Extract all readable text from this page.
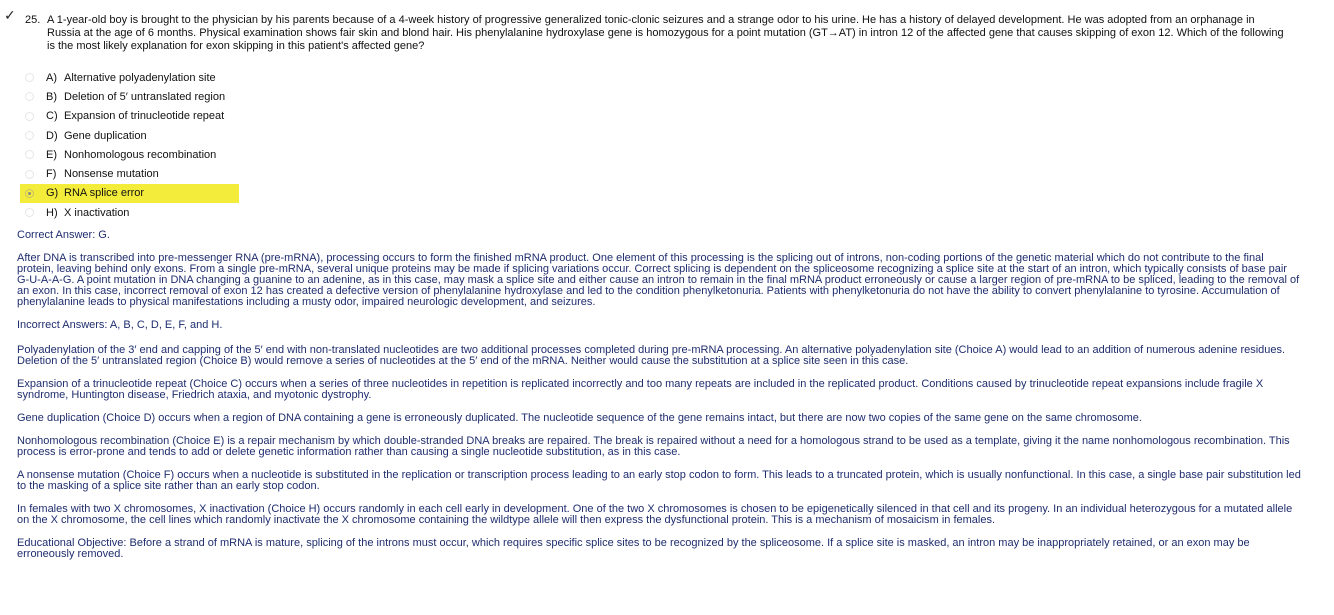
✓ 25. A 1-year-old boy is brought to the physician by his parents because of a 4-week history of progressive generalized tonic-clonic seizures and a strange odor to his urine. He has a history of delayed development. He was adopted from an orphanage in
Russia at the age of 6 months. Physical examination shows fair skin and blond hair. His phenylalanine hydroxylase gene is homozygous for a point mutation (GT→AT) in intron 12 of the affected gene that causes skipping of exon 12. Which of the following
is the most likely explanation for exon skipping in this patient's affected gene?
A) Alternative polyadenylation site
B) Deletion of 5′ untranslated region
C) Expansion of trinucleotide repeat
D) Gene duplication
E) Nonhomologous recombination
F) Nonsense mutation
G) RNA splice error
H) X inactivation

Correct Answer: G.

After DNA is transcribed into pre-messenger RNA (pre-mRNA), processing occurs to form the finished mRNA product. One element of this processing is the splicing out of introns, non-coding portions of the genetic material which do not contribute to the final

protein, leaving behind only exons. From a single pre-mRNA, several unique proteins may be made if splicing variations occur. Correct splicing is dependent on the spliceosome recognizing a splice site at the start of an intron, which typically consists of base pair

G-U-A-A-G. A point mutation in DNA changing a guanine to an adenine, as in this case, may mask a splice site and either cause an intron to remain in the final mRNA product erroneously or cause a larger region of pre-mRNA to be spliced, leading to the removal of

an exon. In this case, incorrect removal of exon 12 has created a defective version of phenylalanine hydroxylase and led to the condition phenylketonuria. Patients with phenylketonuria do not have the ability to convert phenylalanine to tyrosine. Accumulation of

phenylalanine leads to physical manifestations including a musty odor, impaired neurologic development, and seizures.

Incorrect Answers: A, B, C, D, E, F, and H.

Polyadenylation of the 3′ end and capping of the 5′ end with non-translated nucleotides are two additional processes completed during pre-mRNA processing. An alternative polyadenylation site (Choice A) would lead to an addition of numerous adenine residues.

Deletion of the 5′ untranslated region (Choice B) would remove a series of nucleotides at the 5′ end of the mRNA. Neither would cause the substitution at a splice site seen in this case.

Expansion of a trinucleotide repeat (Choice C) occurs when a series of three nucleotides in repetition is replicated incorrectly and too many repeats are included in the replicated product. Conditions caused by trinucleotide repeat expansions include fragile X

syndrome, Huntington disease, Friedrich ataxia, and myotonic dystrophy.

Gene duplication (Choice D) occurs when a region of DNA containing a gene is erroneously duplicated. The nucleotide sequence of the gene remains intact, but there are now two copies of the same gene on the same chromosome.

Nonhomologous recombination (Choice E) is a repair mechanism by which double-stranded DNA breaks are repaired. The break is repaired without a need for a homologous strand to be used as a template, giving it the name nonhomologous recombination. This

process is error-prone and tends to add or delete genetic information rather than causing a single nucleotide substitution, as in this case.

A nonsense mutation (Choice F) occurs when a nucleotide is substituted in the replication or transcription process leading to an early stop codon to form. This leads to a truncated protein, which is usually nonfunctional. In this case, a single base pair substitution led

to the masking of a splice site rather than an early stop codon.

In females with two X chromosomes, X inactivation (Choice H) occurs randomly in each cell early in development. One of the two X chromosomes is chosen to be epigenetically silenced in that cell and its progeny. In an individual heterozygous for a mutated allele

on the X chromosome, the cell lines which randomly inactivate the X chromosome containing the wildtype allele will then express the dysfunctional protein. This is a mechanism of mosaicism in females.

Educational Objective: Before a strand of mRNA is mature, splicing of the introns must occur, which requires specific splice sites to be recognized by the spliceosome. If a splice site is masked, an intron may be inappropriately retained, or an exon may be

erroneously removed.
